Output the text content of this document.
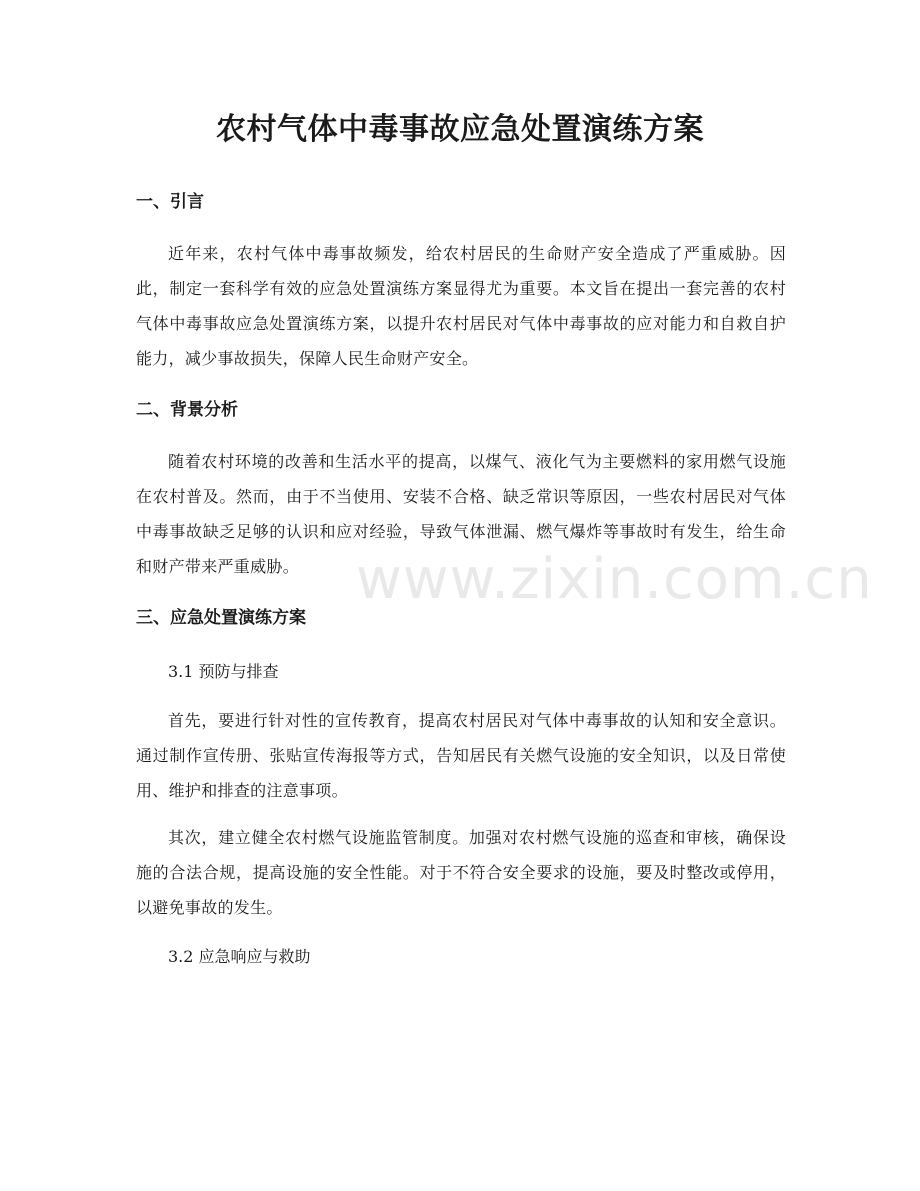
农村气体中毒事故应急处置演练方案
一、引言

近年来，农村气体中毒事故频发，给农村居民的生命财产安全造成了严重威胁。因此，制定一套科学有效的应急处置演练方案显得尤为重要。本文旨在提出一套完善的农村气体中毒事故应急处置演练方案，以提升农村居民对气体中毒事故的应对能力和自救自护能力，减少事故损失，保障人民生命财产安全。

二、背景分析

随着农村环境的改善和生活水平的提高，以煤气、液化气为主要燃料的家用燃气设施在农村普及。然而，由于不当使用、安装不合格、缺乏常识等原因，一些农村居民对气体中毒事故缺乏足够的认识和应对经验，导致气体泄漏、燃气爆炸等事故时有发生，给生命和财产带来严重威胁。

三、应急处置演练方案

3.1 预防与排查

首先，要进行针对性的宣传教育，提高农村居民对气体中毒事故的认知和安全意识。通过制作宣传册、张贴宣传海报等方式，告知居民有关燃气设施的安全知识，以及日常使用、维护和排查的注意事项。

其次，建立健全农村燃气设施监管制度。加强对农村燃气设施的巡查和审核，确保设施的合法合规，提高设施的安全性能。对于不符合安全要求的设施，要及时整改或停用，以避免事故的发生。

3.2 应急响应与救助

www.zixin.com.cn
